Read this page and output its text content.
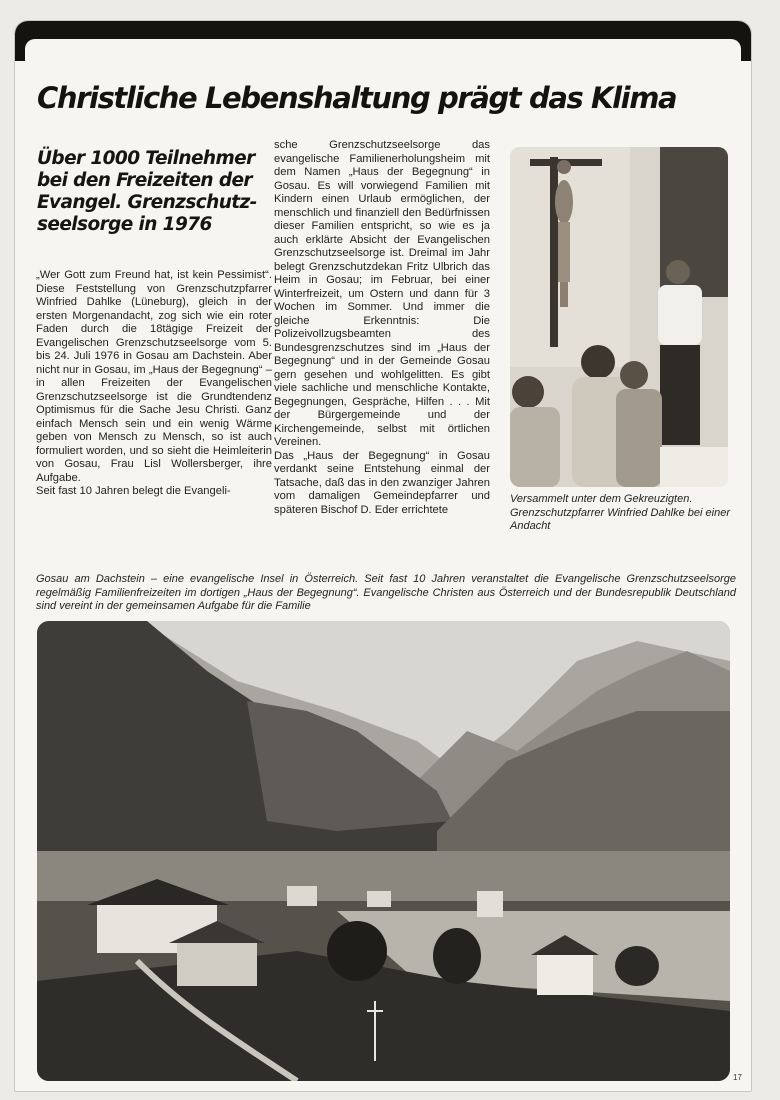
Christliche Lebenshaltung prägt das Klima
Über 1000 Teilnehmer bei den Freizeiten der Evangel. Grenzschutz-seelsorge in 1976

„Wer Gott zum Freund hat, ist kein Pessimist“. Diese Feststellung von Grenzschutzpfarrer Winfried Dahlke (Lüneburg), gleich in der ersten Morgenandacht, zog sich wie ein roter Faden durch die 18tägige Freizeit der Evangelischen Grenzschutzseelsorge vom 5. bis 24. Juli 1976 in Gosau am Dachstein. Aber nicht nur in Gosau, im „Haus der Begegnung“ – in allen Freizeiten der Evangelischen Grenzschutzseelsorge ist die Grundtendenz Optimismus für die Sache Jesu Christi. Ganz einfach Mensch sein und ein wenig Wärme geben von Mensch zu Mensch, so ist auch formuliert worden, und so sieht die Heimleiterin von Gosau, Frau Lisl Wollersberger, ihre Aufgabe.

Seit fast 10 Jahren belegt die Evangeli-

sche Grenzschutzseelsorge das evangelische Familienerholungsheim mit dem Namen „Haus der Begegnung“ in Gosau. Es will vorwiegend Familien mit Kindern einen Urlaub ermöglichen, der menschlich und finanziell den Bedürfnissen dieser Familien entspricht, so wie es ja auch erklärte Absicht der Evangelischen Grenzschutzseelsorge ist. Dreimal im Jahr belegt Grenzschutzdekan Fritz Ulbrich das Heim in Gosau; im Februar, bei einer Winterfreizeit, um Ostern und dann für 3 Wochen im Sommer. Und immer die gleiche Erkenntnis: Die Polizeivollzugsbeamten des Bundesgrenzschutzes sind im „Haus der Begegnung“ und in der Gemeinde Gosau gern gesehen und wohlgelitten. Es gibt viele sachliche und menschliche Kontakte, Begegnungen, Gespräche, Hilfen . . . Mit der Bürgergemeinde und der Kirchengemeinde, selbst mit örtlichen Vereinen.

Das „Haus der Begegnung“ in Gosau verdankt seine Entstehung einmal der Tatsache, daß das in den zwanziger Jahren vom damaligen Gemeindepfarrer und späteren Bischof D. Eder errichtete

Versammelt unter dem Gekreuzigten. Grenzschutzpfarrer Winfried Dahlke bei einer Andacht
Gosau am Dachstein – eine evangelische Insel in Österreich. Seit fast 10 Jahren veranstaltet die Evangelische Grenzschutzseelsorge regelmäßig Familienfreizeiten im dortigen „Haus der Begegnung“. Evangelische Christen aus Österreich und der Bundesrepublik Deutschland sind vereint in der gemeinsamen Aufgabe für die Familie
17
